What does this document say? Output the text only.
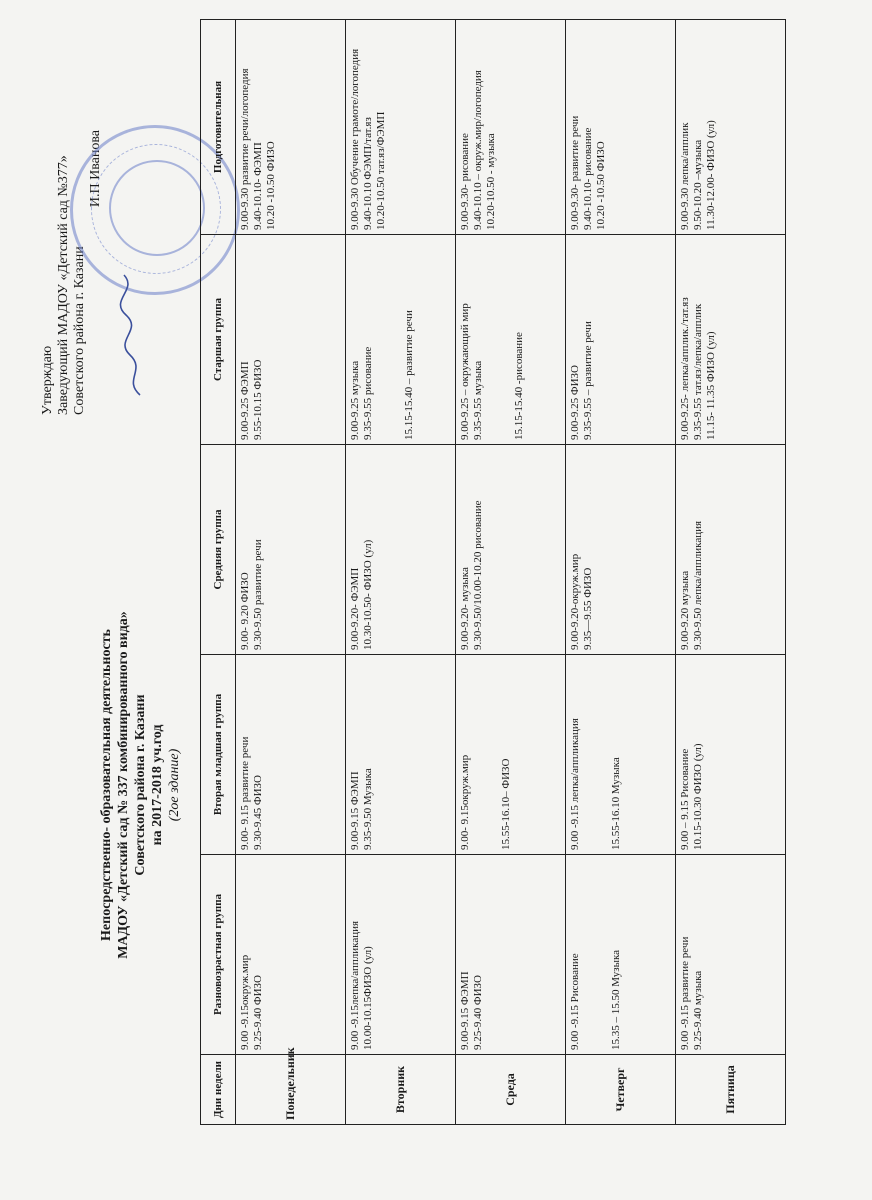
Непосредственно- образовательная деятельность МАДОУ «Детский сад № 337 комбинированного вида» Советского района г. Казани на 2017-2018 уч.год (2ое здание)
Утверждаю Заведующий МАДОУ «Детский сад №377» Советского района г. Казани
И.П Иванова
Дни недели	Разновозрастная группа	Вторая младшая группа	Средняя группа	Старшая группа	Подготовительная
Понедельник	9.00 -9.15окруж.мир 9.25-9.40 ФИЗО	9.00- 9.15 развитие речи 9.30-9.45 ФИЗО	9.00- 9.20 ФИЗО 9.30-9.50 развитие речи	9.00-9.25 ФЭМП 9.55-10.15 ФИЗО	9.00-9.30 развитие речи/логопедия 9.40-10.10- ФЭМП 10.20 -10.50 ФИЗО

Вторник	9.00 -9.15лепка/аппликация 10.00-10.15ФИЗО (ул)	9.00-9.15 ФЭМП 9.35-9.50 Музыка	9.00-9.20- ФЭМП 10.30-10.50- ФИЗО (ул)	9.00-9.25 музыка 9.35-9.55 рисование 15.15-15.40 – развитие речи	9.00-9.30 Обучение грамоте/логопедия 9.40-10.10 ФЭМП/тат.яз 10.20-10.50 тат.яз/ФЭМП

Среда	9.00-9.15 ФЭМП 9.25-9.40 ФИЗО	9.00- 9.15окруж.мир 15.55-16.10– ФИЗО	9.00-9.20- музыка 9.30-9.50/10.00-10.20 рисование	9.00-9.25 – окружающий мир 9.35-9.55 музыка 15.15-15.40 -рисование	9.00-9.30- рисование 9.40-10.10 – окруж.мир/логопедия 10.20-10.50 - музыка

Четверг	9.00 -9.15 Рисование 15.35 – 15.50 Музыка	9.00 -9.15 лепка/аппликация 15.55-16.10 Музыка	9.00-9.20-окруж.мир 9.35—9.55 ФИЗО	9.00-9.25 ФИЗО 9.35-9.55 – развитие речи	9.00-9.30- развитие речи 9.40-10.10- рисование 10.20 -10.50 ФИЗО

Пятница	9.00 -9.15 развитие речи 9.25-9.40 музыка	9.00 – 9.15 Рисование 10.15-10.30 ФИЗО (ул)	9.00-9.20 музыка 9.30-9.50 лепка/аппликация	9.00-9.25- лепка/апплик./тат.яз 9.35-9.55 тат.яз/лепка/апплик 11.15- 11.35 ФИЗО (ул)	9.00-9.30 лепка/апплик 9.50-10.20 –музыка 11.30-12.00- ФИЗО (ул)
